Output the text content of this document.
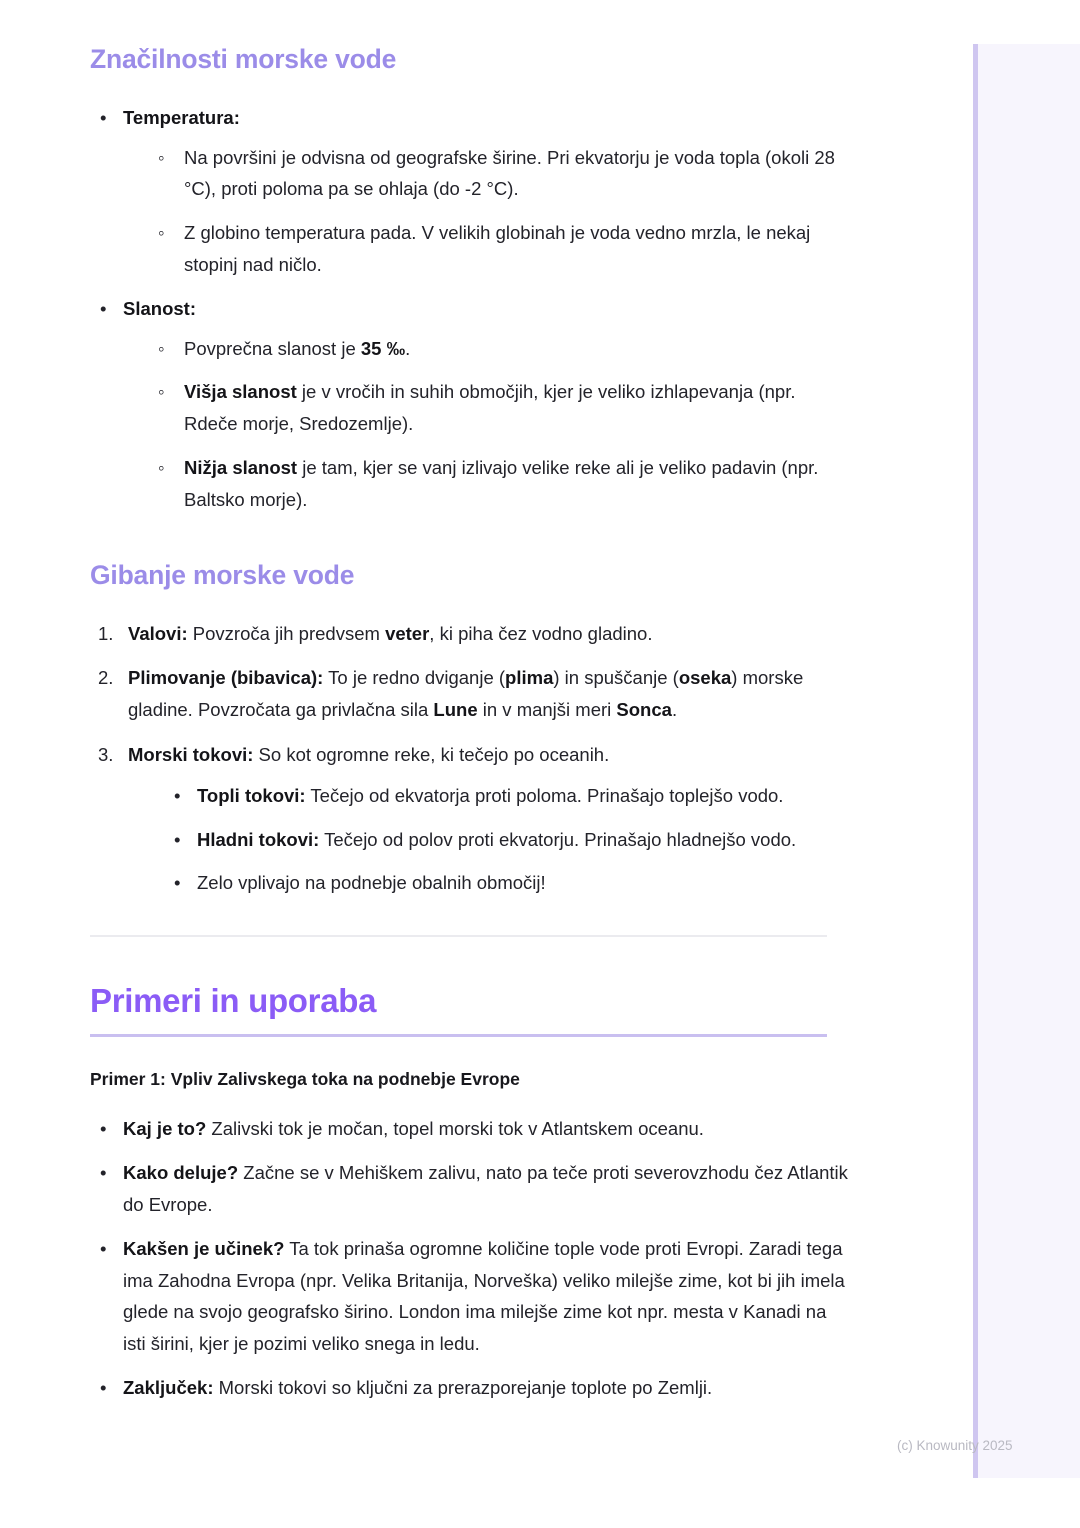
Značilnosti morske vode
• Temperatura:
◦ Na površini je odvisna od geografske širine. Pri ekvatorju je voda topla (okoli 28 °C), proti poloma pa se ohlaja (do -2 °C).
◦ Z globino temperatura pada. V velikih globinah je voda vedno mrzla, le nekaj stopinj nad ničlo.
• Slanost:
◦ Povprečna slanost je 35 ‰.
◦ Višja slanost je v vročih in suhih območjih, kjer je veliko izhlapevanja (npr. Rdeče morje, Sredozemlje).
◦ Nižja slanost je tam, kjer se vanj izlivajo velike reke ali je veliko padavin (npr. Baltsko morje).
Gibanje morske vode
1. Valovi: Povzroča jih predvsem veter, ki piha čez vodno gladino.
2. Plimovanje (bibavica): To je redno dviganje (plima) in spuščanje (oseka) morske gladine. Povzročata ga privlačna sila Lune in v manjši meri Sonca.
3. Morski tokovi: So kot ogromne reke, ki tečejo po oceanih.
• Topli tokovi: Tečejo od ekvatorja proti poloma. Prinašajo toplejšo vodo.
• Hladni tokovi: Tečejo od polov proti ekvatorju. Prinašajo hladnejšo vodo.
• Zelo vplivajo na podnebje obalnih območij!
Primeri in uporaba

Primer 1: Vpliv Zalivskega toka na podnebje Evrope

• Kaj je to? Zalivski tok je močan, topel morski tok v Atlantskem oceanu.
• Kako deluje? Začne se v Mehiškem zalivu, nato pa teče proti severovzhodu čez Atlantik do Evrope.
• Kakšen je učinek? Ta tok prinaša ogromne količine tople vode proti Evropi. Zaradi tega ima Zahodna Evropa (npr. Velika Britanija, Norveška) veliko milejše zime, kot bi jih imela glede na svojo geografsko širino. London ima milejše zime kot npr. mesta v Kanadi na isti širini, kjer je pozimi veliko snega in ledu.
• Zaključek: Morski tokovi so ključni za prerazporejanje toplote po Zemlji.
(c) Knowunity 2025
